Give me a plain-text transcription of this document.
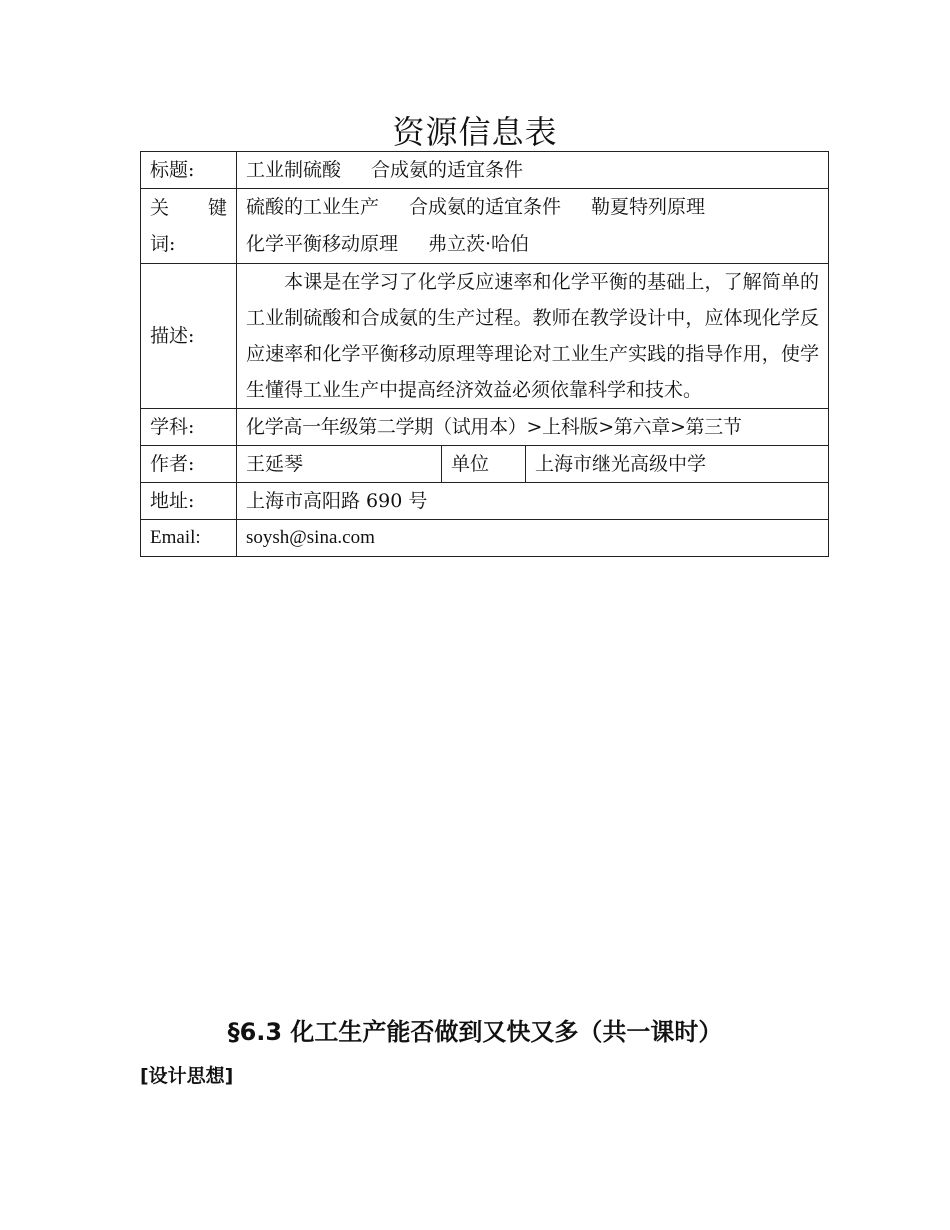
资源信息表
标题:	工业制硫酸 合成氨的适宜条件		

关 键
词:	硫酸的工业生产 合成氨的适宜条件 勒夏特列原理
化学平衡移动原理 弗立茨·哈伯		

描述:	本课是在学习了化学反应速率和化学平衡的基础上，了解简单的工业制硫酸和合成氨的生产过程。教师在教学设计中，应体现化学反应速率和化学平衡移动原理等理论对工业生产实践的指导作用，使学生懂得工业生产中提高经济效益必须依靠科学和技术。		
学科:	化学高一年级第二学期（试用本）>上科版>第六章>第三节		
作者:	王延琴	单位	上海市继光高级中学
地址:	上海市高阳路 690 号		
Email:	soysh@sina.com		
§6.3 化工生产能否做到又快又多（共一课时）
[设计思想]
